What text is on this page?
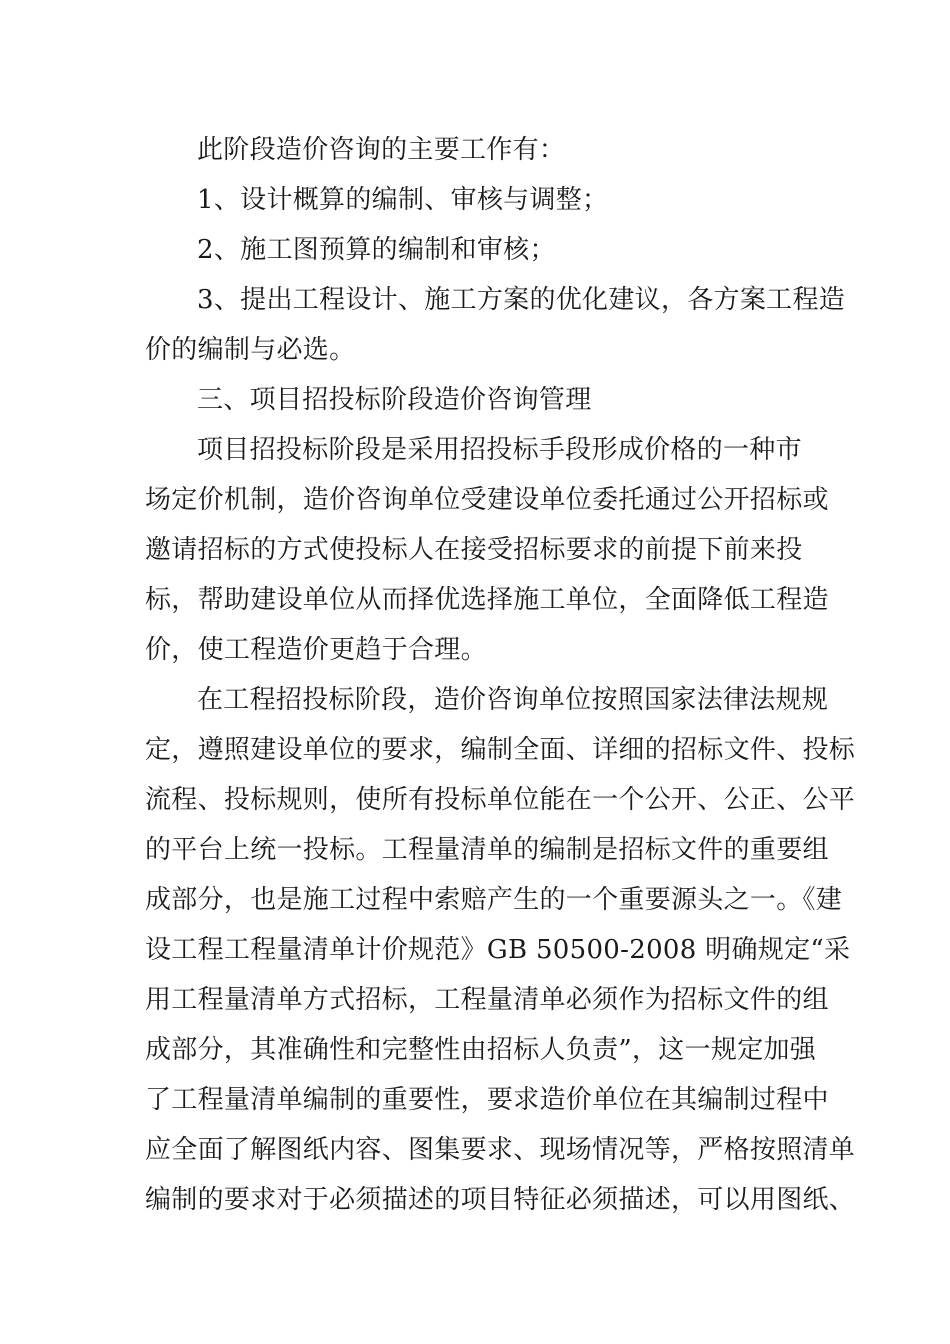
此阶段造价咨询的主要工作有：
1、设计概算的编制、审核与调整；
2、施工图预算的编制和审核；
3、提出工程设计、施工方案的优化建议，各方案工程造
价的编制与必选。
三、项目招投标阶段造价咨询管理
项目招投标阶段是采用招投标手段形成价格的一种市
场定价机制，造价咨询单位受建设单位委托通过公开招标或
邀请招标的方式使投标人在接受招标要求的前提下前来投
标，帮助建设单位从而择优选择施工单位，全面降低工程造
价，使工程造价更趋于合理。
在工程招投标阶段，造价咨询单位按照国家法律法规规
定，遵照建设单位的要求，编制全面、详细的招标文件、投标
流程、投标规则，使所有投标单位能在一个公开、公正、公平
的平台上统一投标。工程量清单的编制是招标文件的重要组
成部分，也是施工过程中索赔产生的一个重要源头之一。《建
设工程工程量清单计价规范》GB 50500-2008 明确规定“采
用工程量清单方式招标，工程量清单必须作为招标文件的组
成部分，其准确性和完整性由招标人负责”，这一规定加强
了工程量清单编制的重要性，要求造价单位在其编制过程中
应全面了解图纸内容、图集要求、现场情况等，严格按照清单
编制的要求对于必须描述的项目特征必须描述，可以用图纸、
